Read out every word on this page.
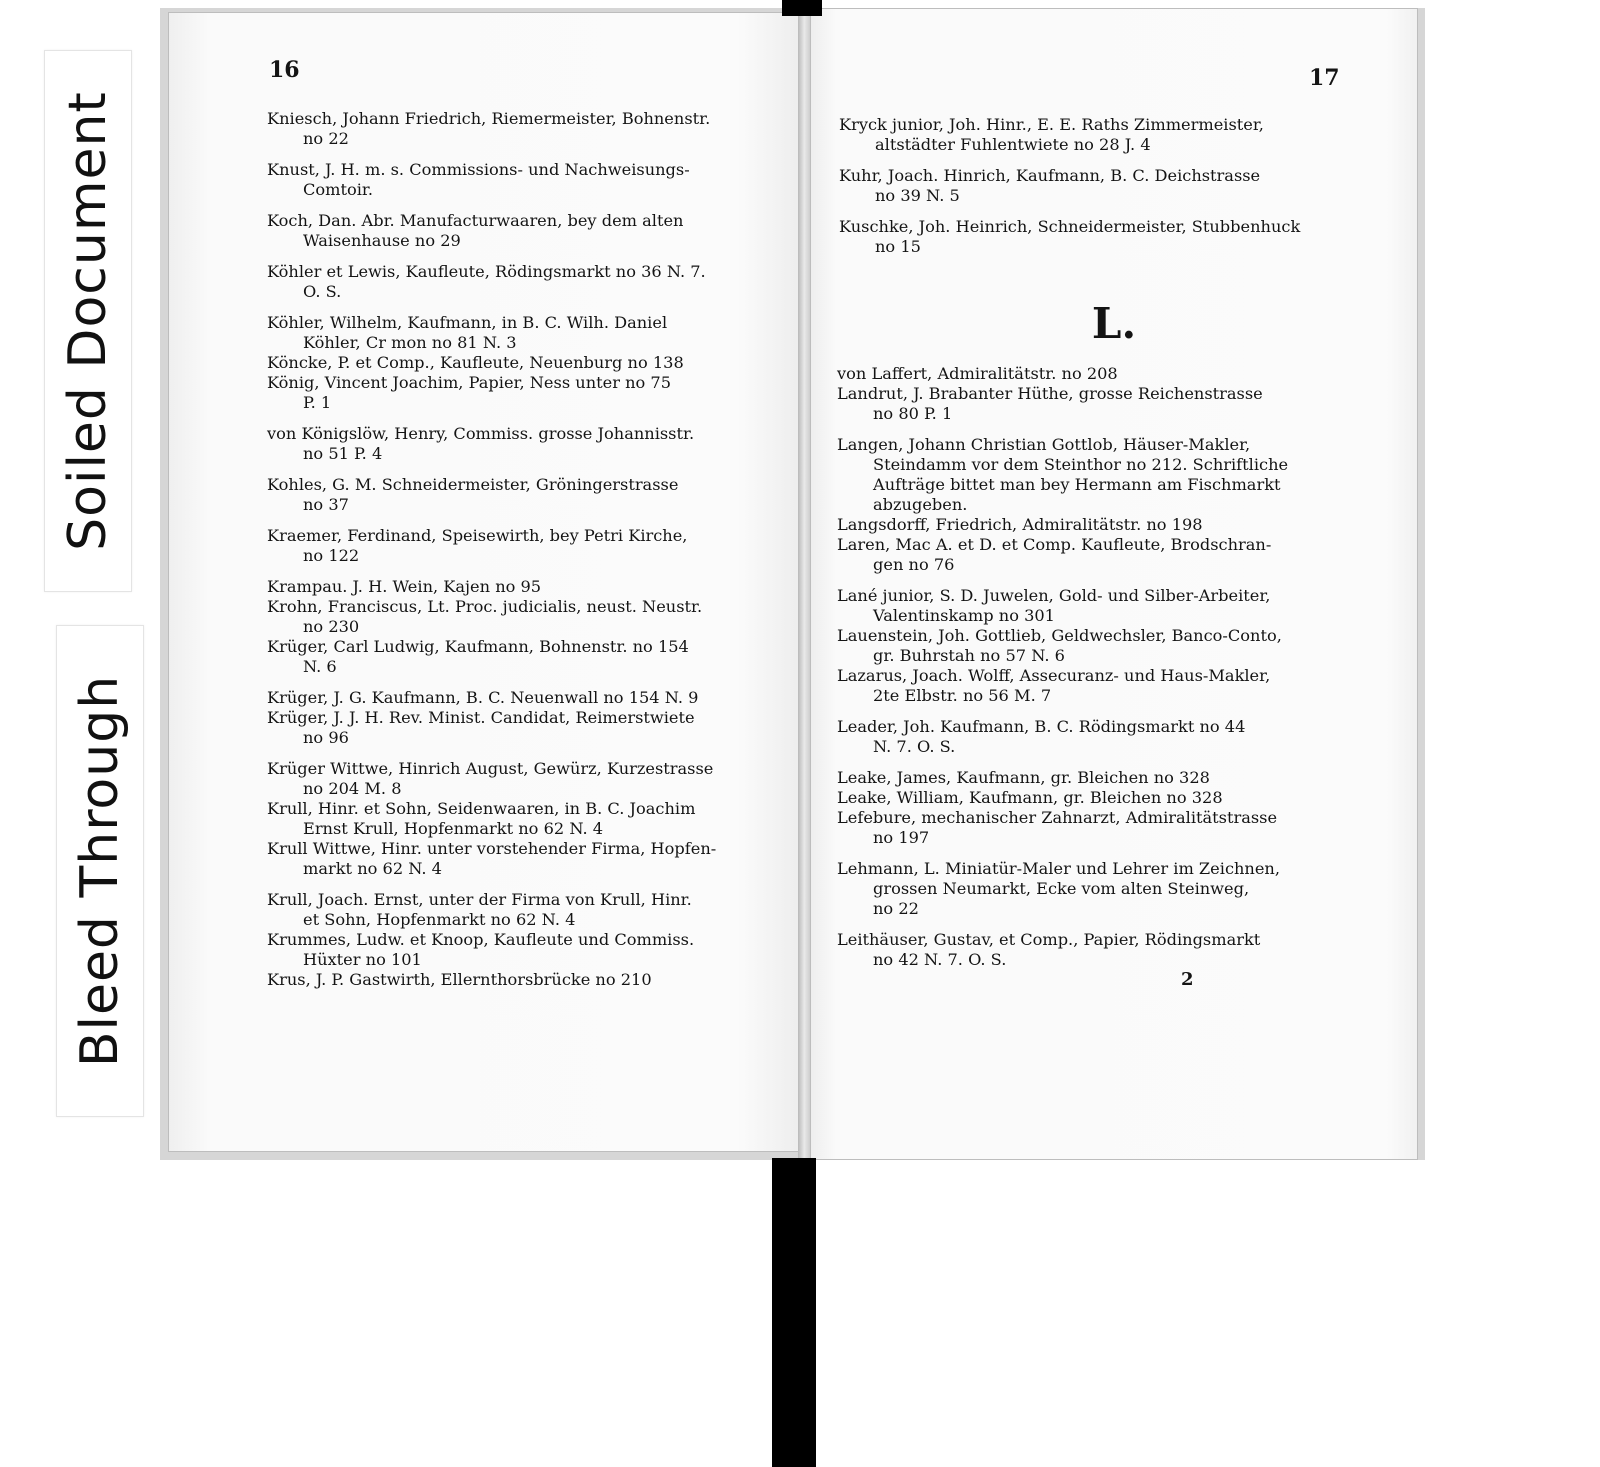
Soiled Document
Bleed Through

16
Kniesch, Johann Friedrich, Riemermeister, Bohnenstr.
no 22
Knust, J. H. m. s. Commissions- und Nachweisungs-
Comtoir.
Koch, Dan. Abr. Manufacturwaaren, bey dem alten
Waisenhause no 29
Köhler et Lewis, Kaufleute, Rödingsmarkt no 36 N. 7.
O. S.
Köhler, Wilhelm, Kaufmann, in B. C. Wilh. Daniel
Köhler, Cr mon no 81 N. 3
Köncke, P. et Comp., Kaufleute, Neuenburg no 138
König, Vincent Joachim, Papier, Ness unter no 75
P. 1
von Königslöw, Henry, Commiss. grosse Johannisstr.
no 51 P. 4
Kohles, G. M. Schneidermeister, Gröningerstrasse
no 37
Kraemer, Ferdinand, Speisewirth, bey Petri Kirche,
no 122
Krampau. J. H. Wein, Kajen no 95
Krohn, Franciscus, Lt. Proc. judicialis, neust. Neustr.
no 230
Krüger, Carl Ludwig, Kaufmann, Bohnenstr. no 154
N. 6
Krüger, J. G. Kaufmann, B. C. Neuenwall no 154 N. 9
Krüger, J. J. H. Rev. Minist. Candidat, Reimerstwiete
no 96
Krüger Wittwe, Hinrich August, Gewürz, Kurzestrasse
no 204 M. 8
Krull, Hinr. et Sohn, Seidenwaaren, in B. C. Joachim
Ernst Krull, Hopfenmarkt no 62 N. 4
Krull Wittwe, Hinr. unter vorstehender Firma, Hopfen-
markt no 62 N. 4
Krull, Joach. Ernst, unter der Firma von Krull, Hinr.
et Sohn, Hopfenmarkt no 62 N. 4
Krummes, Ludw. et Knoop, Kaufleute und Commiss.
Hüxter no 101
Krus, J. P. Gastwirth, Ellernthorsbrücke no 210
17
Kryck junior, Joh. Hinr., E. E. Raths Zimmermeister,
altstädter Fuhlentwiete no 28 J. 4
Kuhr, Joach. Hinrich, Kaufmann, B. C. Deichstrasse
no 39 N. 5
Kuschke, Joh. Heinrich, Schneidermeister, Stubbenhuck
no 15
L.
von Laffert, Admiralitätstr. no 208
Landrut, J. Brabanter Hüthe, grosse Reichenstrasse
no 80 P. 1
Langen, Johann Christian Gottlob, Häuser-Makler,
Steindamm vor dem Steinthor no 212. Schriftliche
Aufträge bittet man bey Hermann am Fischmarkt
abzugeben.
Langsdorff, Friedrich, Admiralitätstr. no 198
Laren, Mac A. et D. et Comp. Kaufleute, Brodschran-
gen no 76
Lané junior, S. D. Juwelen, Gold- und Silber-Arbeiter,
Valentinskamp no 301
Lauenstein, Joh. Gottlieb, Geldwechsler, Banco-Conto,
gr. Buhrstah no 57 N. 6
Lazarus, Joach. Wolff, Assecuranz- und Haus-Makler,
2te Elbstr. no 56 M. 7
Leader, Joh. Kaufmann, B. C. Rödingsmarkt no 44
N. 7. O. S.
Leake, James, Kaufmann, gr. Bleichen no 328
Leake, William, Kaufmann, gr. Bleichen no 328
Lefebure, mechanischer Zahnarzt, Admiralitätstrasse
no 197
Lehmann, L. Miniatür-Maler und Lehrer im Zeichnen,
grossen Neumarkt, Ecke vom alten Steinweg,
no 22
Leithäuser, Gustav, et Comp., Papier, Rödingsmarkt
no 42 N. 7. O. S.
2
